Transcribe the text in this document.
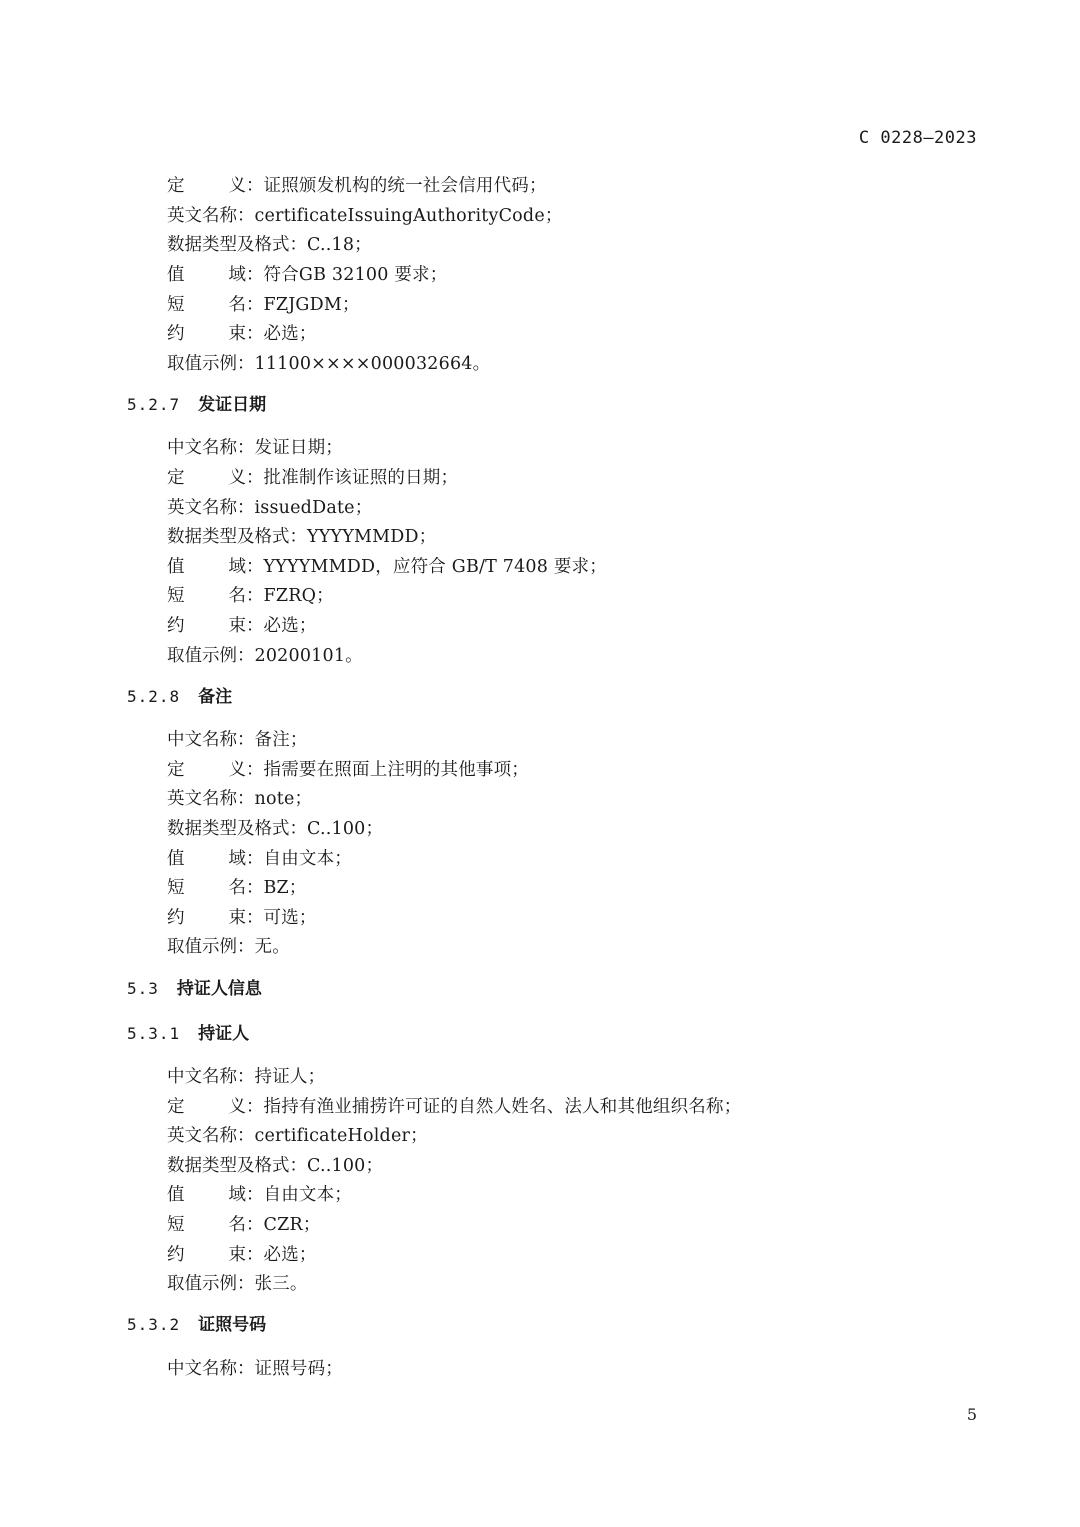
C 0228—2023
定	义 ： 证照颁发机构的统一社会信用代码；
英文名称 ： certificateIssuingAuthorityCode；
数据类型及格式 ： C..18；
值	域 ： 符合GB 32100 要求；
短	名 ： FZJGDM；
约	束 ： 必选；
取值示例 ： 11100××××000032664。
5.2.7 发证日期
中文名称 ： 发证日期；
定	义 ： 批准制作该证照的日期；
英文名称 ： issuedDate；
数据类型及格式 ： YYYYMMDD；
值	域 ： YYYYMMDD，应符合 GB/T 7408 要求；
短	名 ： FZRQ；
约	束 ： 必选；
取值示例 ： 20200101。
5.2.8 备注
中文名称 ： 备注；
定	义 ： 指需要在照面上注明的其他事项；
英文名称 ： note；
数据类型及格式 ： C..100；
值	域 ： 自由文本；
短	名 ： BZ；
约	束 ： 可选；
取值示例 ： 无。
5.3 持证人信息
5.3.1 持证人
中文名称 ： 持证人；
定	义 ： 指持有渔业捕捞许可证的自然人姓名、法人和其他组织名称；
英文名称 ： certificateHolder；
数据类型及格式 ： C..100；
值	域 ： 自由文本；
短	名 ： CZR；
约	束 ： 必选；
取值示例 ： 张三。
5.3.2 证照号码
中文名称 ： 证照号码；
5
